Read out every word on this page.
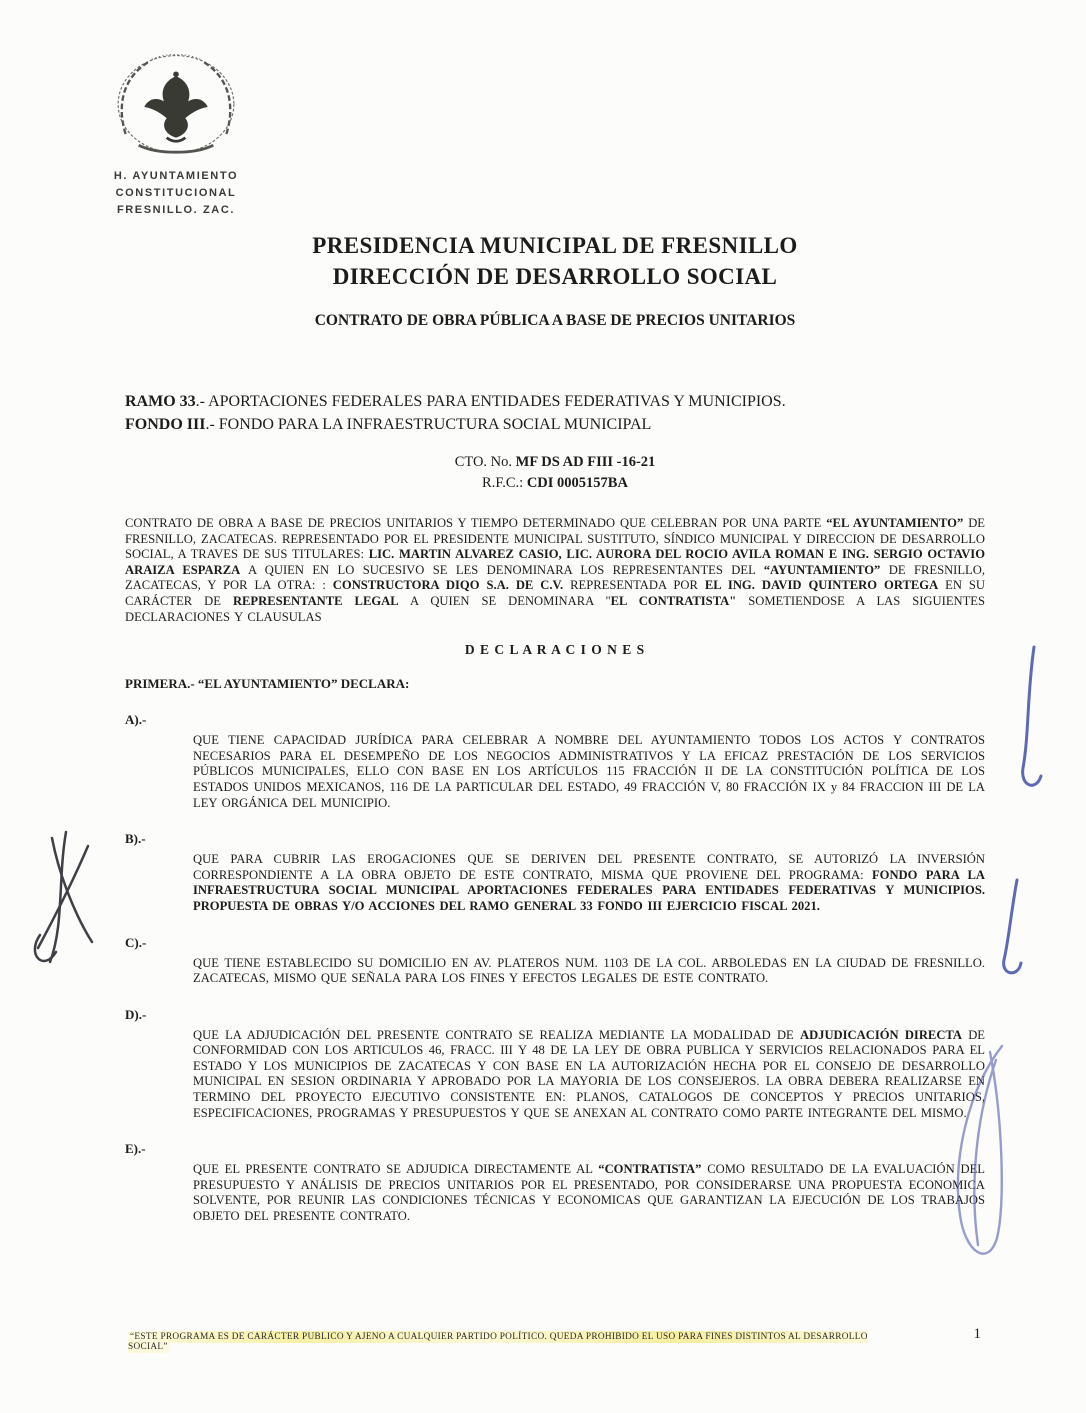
H. AYUNTAMIENTO
CONSTITUCIONAL
FRESNILLO. ZAC.
PRESIDENCIA MUNICIPAL DE FRESNILLO
DIRECCIÓN DE DESARROLLO SOCIAL
CONTRATO DE OBRA PÚBLICA A BASE DE PRECIOS UNITARIOS
RAMO 33.- APORTACIONES FEDERALES PARA ENTIDADES FEDERATIVAS Y MUNICIPIOS.
FONDO III.- FONDO PARA LA INFRAESTRUCTURA SOCIAL MUNICIPAL
CTO. No. MF DS AD FIII -16-21
R.F.C.: CDI 0005157BA

CONTRATO DE OBRA A BASE DE PRECIOS UNITARIOS Y TIEMPO DETERMINADO QUE CELEBRAN POR UNA PARTE “EL AYUNTAMIENTO” DE FRESNILLO, ZACATECAS. REPRESENTADO POR EL PRESIDENTE MUNICIPAL SUSTITUTO, SÍNDICO MUNICIPAL Y DIRECCION DE DESARROLLO SOCIAL, A TRAVES DE SUS TITULARES: LIC. MARTIN ALVAREZ CASIO, LIC. AURORA DEL ROCIO AVILA ROMAN E ING. SERGIO OCTAVIO ARAIZA ESPARZA A QUIEN EN LO SUCESIVO SE LES DENOMINARA LOS REPRESENTANTES DEL “AYUNTAMIENTO” DE FRESNILLO, ZACATECAS, Y POR LA OTRA: : CONSTRUCTORA DIQO S.A. DE C.V. REPRESENTADA POR EL ING. DAVID QUINTERO ORTEGA EN SU CARÁCTER DE REPRESENTANTE LEGAL A QUIEN SE DENOMINARA "EL CONTRATISTA" SOMETIENDOSE A LAS SIGUIENTES DECLARACIONES Y CLAUSULAS

D E C L A R A C I O N E S
PRIMERA.- “EL AYUNTAMIENTO” DECLARA:
A).-

QUE TIENE CAPACIDAD JURÍDICA PARA CELEBRAR A NOMBRE DEL AYUNTAMIENTO TODOS LOS ACTOS Y CONTRATOS NECESARIOS PARA EL DESEMPEÑO DE LOS NEGOCIOS ADMINISTRATIVOS Y LA EFICAZ PRESTACIÓN DE LOS SERVICIOS PÚBLICOS MUNICIPALES, ELLO CON BASE EN LOS ARTÍCULOS 115 FRACCIÓN II DE LA CONSTITUCIÓN POLÍTICA DE LOS ESTADOS UNIDOS MEXICANOS, 116 DE LA PARTICULAR DEL ESTADO, 49 FRACCIÓN V, 80 FRACCIÓN IX y 84 FRACCION III DE LA LEY ORGÁNICA DEL MUNICIPIO.

B).-

QUE PARA CUBRIR LAS EROGACIONES QUE SE DERIVEN DEL PRESENTE CONTRATO, SE AUTORIZÓ LA INVERSIÓN CORRESPONDIENTE A LA OBRA OBJETO DE ESTE CONTRATO, MISMA QUE PROVIENE DEL PROGRAMA: FONDO PARA LA INFRAESTRUCTURA SOCIAL MUNICIPAL APORTACIONES FEDERALES PARA ENTIDADES FEDERATIVAS Y MUNICIPIOS. PROPUESTA DE OBRAS Y/O ACCIONES DEL RAMO GENERAL 33 FONDO III EJERCICIO FISCAL 2021.

C).-

QUE TIENE ESTABLECIDO SU DOMICILIO EN AV. PLATEROS NUM. 1103 DE LA COL. ARBOLEDAS EN LA CIUDAD DE FRESNILLO. ZACATECAS, MISMO QUE SEÑALA PARA LOS FINES Y EFECTOS LEGALES DE ESTE CONTRATO.

D).-

QUE LA ADJUDICACIÓN DEL PRESENTE CONTRATO SE REALIZA MEDIANTE LA MODALIDAD DE ADJUDICACIÓN DIRECTA DE CONFORMIDAD CON LOS ARTICULOS 46, FRACC. III Y 48 DE LA LEY DE OBRA PUBLICA Y SERVICIOS RELACIONADOS PARA EL ESTADO Y LOS MUNICIPIOS DE ZACATECAS Y CON BASE EN LA AUTORIZACIÓN HECHA POR EL CONSEJO DE DESARROLLO MUNICIPAL EN SESION ORDINARIA Y APROBADO POR LA MAYORIA DE LOS CONSEJEROS. LA OBRA DEBERA REALIZARSE EN TERMINO DEL PROYECTO EJECUTIVO CONSISTENTE EN: PLANOS, CATALOGOS DE CONCEPTOS Y PRECIOS UNITARIOS, ESPECIFICACIONES, PROGRAMAS Y PRESUPUESTOS Y QUE SE ANEXAN AL CONTRATO COMO PARTE INTEGRANTE DEL MISMO.

E).-

QUE EL PRESENTE CONTRATO SE ADJUDICA DIRECTAMENTE AL “CONTRATISTA” COMO RESULTADO DE LA EVALUACIÓN DEL PRESUPUESTO Y ANÁLISIS DE PRECIOS UNITARIOS POR EL PRESENTADO, POR CONSIDERARSE UNA PROPUESTA ECONOMICA SOLVENTE, POR REUNIR LAS CONDICIONES TÉCNICAS Y ECONOMICAS QUE GARANTIZAN LA EJECUCIÓN DE LOS TRABAJOS OBJETO DEL PRESENTE CONTRATO.

“ESTE PROGRAMA ES DE CARÁCTER PUBLICO Y AJENO A CUALQUIER PARTIDO POLÍTICO. QUEDA PROHIBIDO EL USO PARA FINES DISTINTOS AL DESARROLLO SOCIAL”
1
